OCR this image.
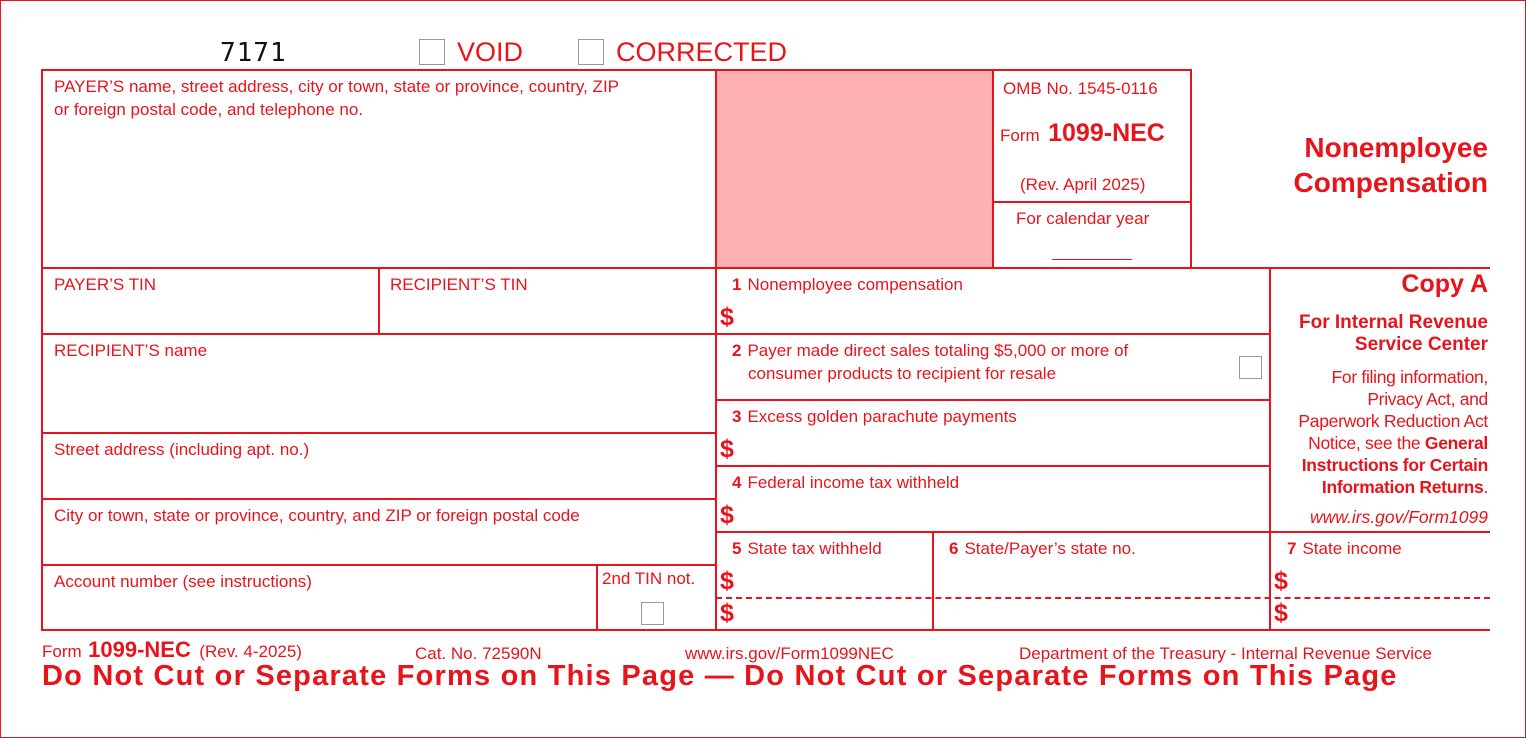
7171	VOID	CORRECTED
PAYER’S name, street address, city or town, state or province, country, ZIP
or foreign postal code, and telephone no.
OMB No. 1545-0116
Form 1099-NEC
(Rev. April 2025)
For calendar year
Nonemployee
Compensation
PAYER’S TIN	RECIPIENT’S TIN
RECIPIENT’S name
Street address (including apt. no.)
City or town, state or province, country, and ZIP or foreign postal code
Account number (see instructions)	2nd TIN not.
1 Nonemployee compensation
$
2 Payer made direct sales totaling $5,000 or more of
consumer products to recipient for resale
3 Excess golden parachute payments
$
4 Federal income tax withheld
$
5 State tax withheld
$
$
6 State/Payer’s state no.	7 State income
$
$
Copy A
For Internal Revenue
Service Center
For filing information,
Privacy Act, and
Paperwork Reduction Act
Notice, see the General
Instructions for Certain
Information Returns.
www.irs.gov/Form1099
Form 1099-NEC (Rev. 4-2025)	Cat. No. 72590N	www.irs.gov/Form1099NEC	Department of the Treasury - Internal Revenue Service
Do Not Cut or Separate Forms on This Page — Do Not Cut or Separate Forms on This Page
